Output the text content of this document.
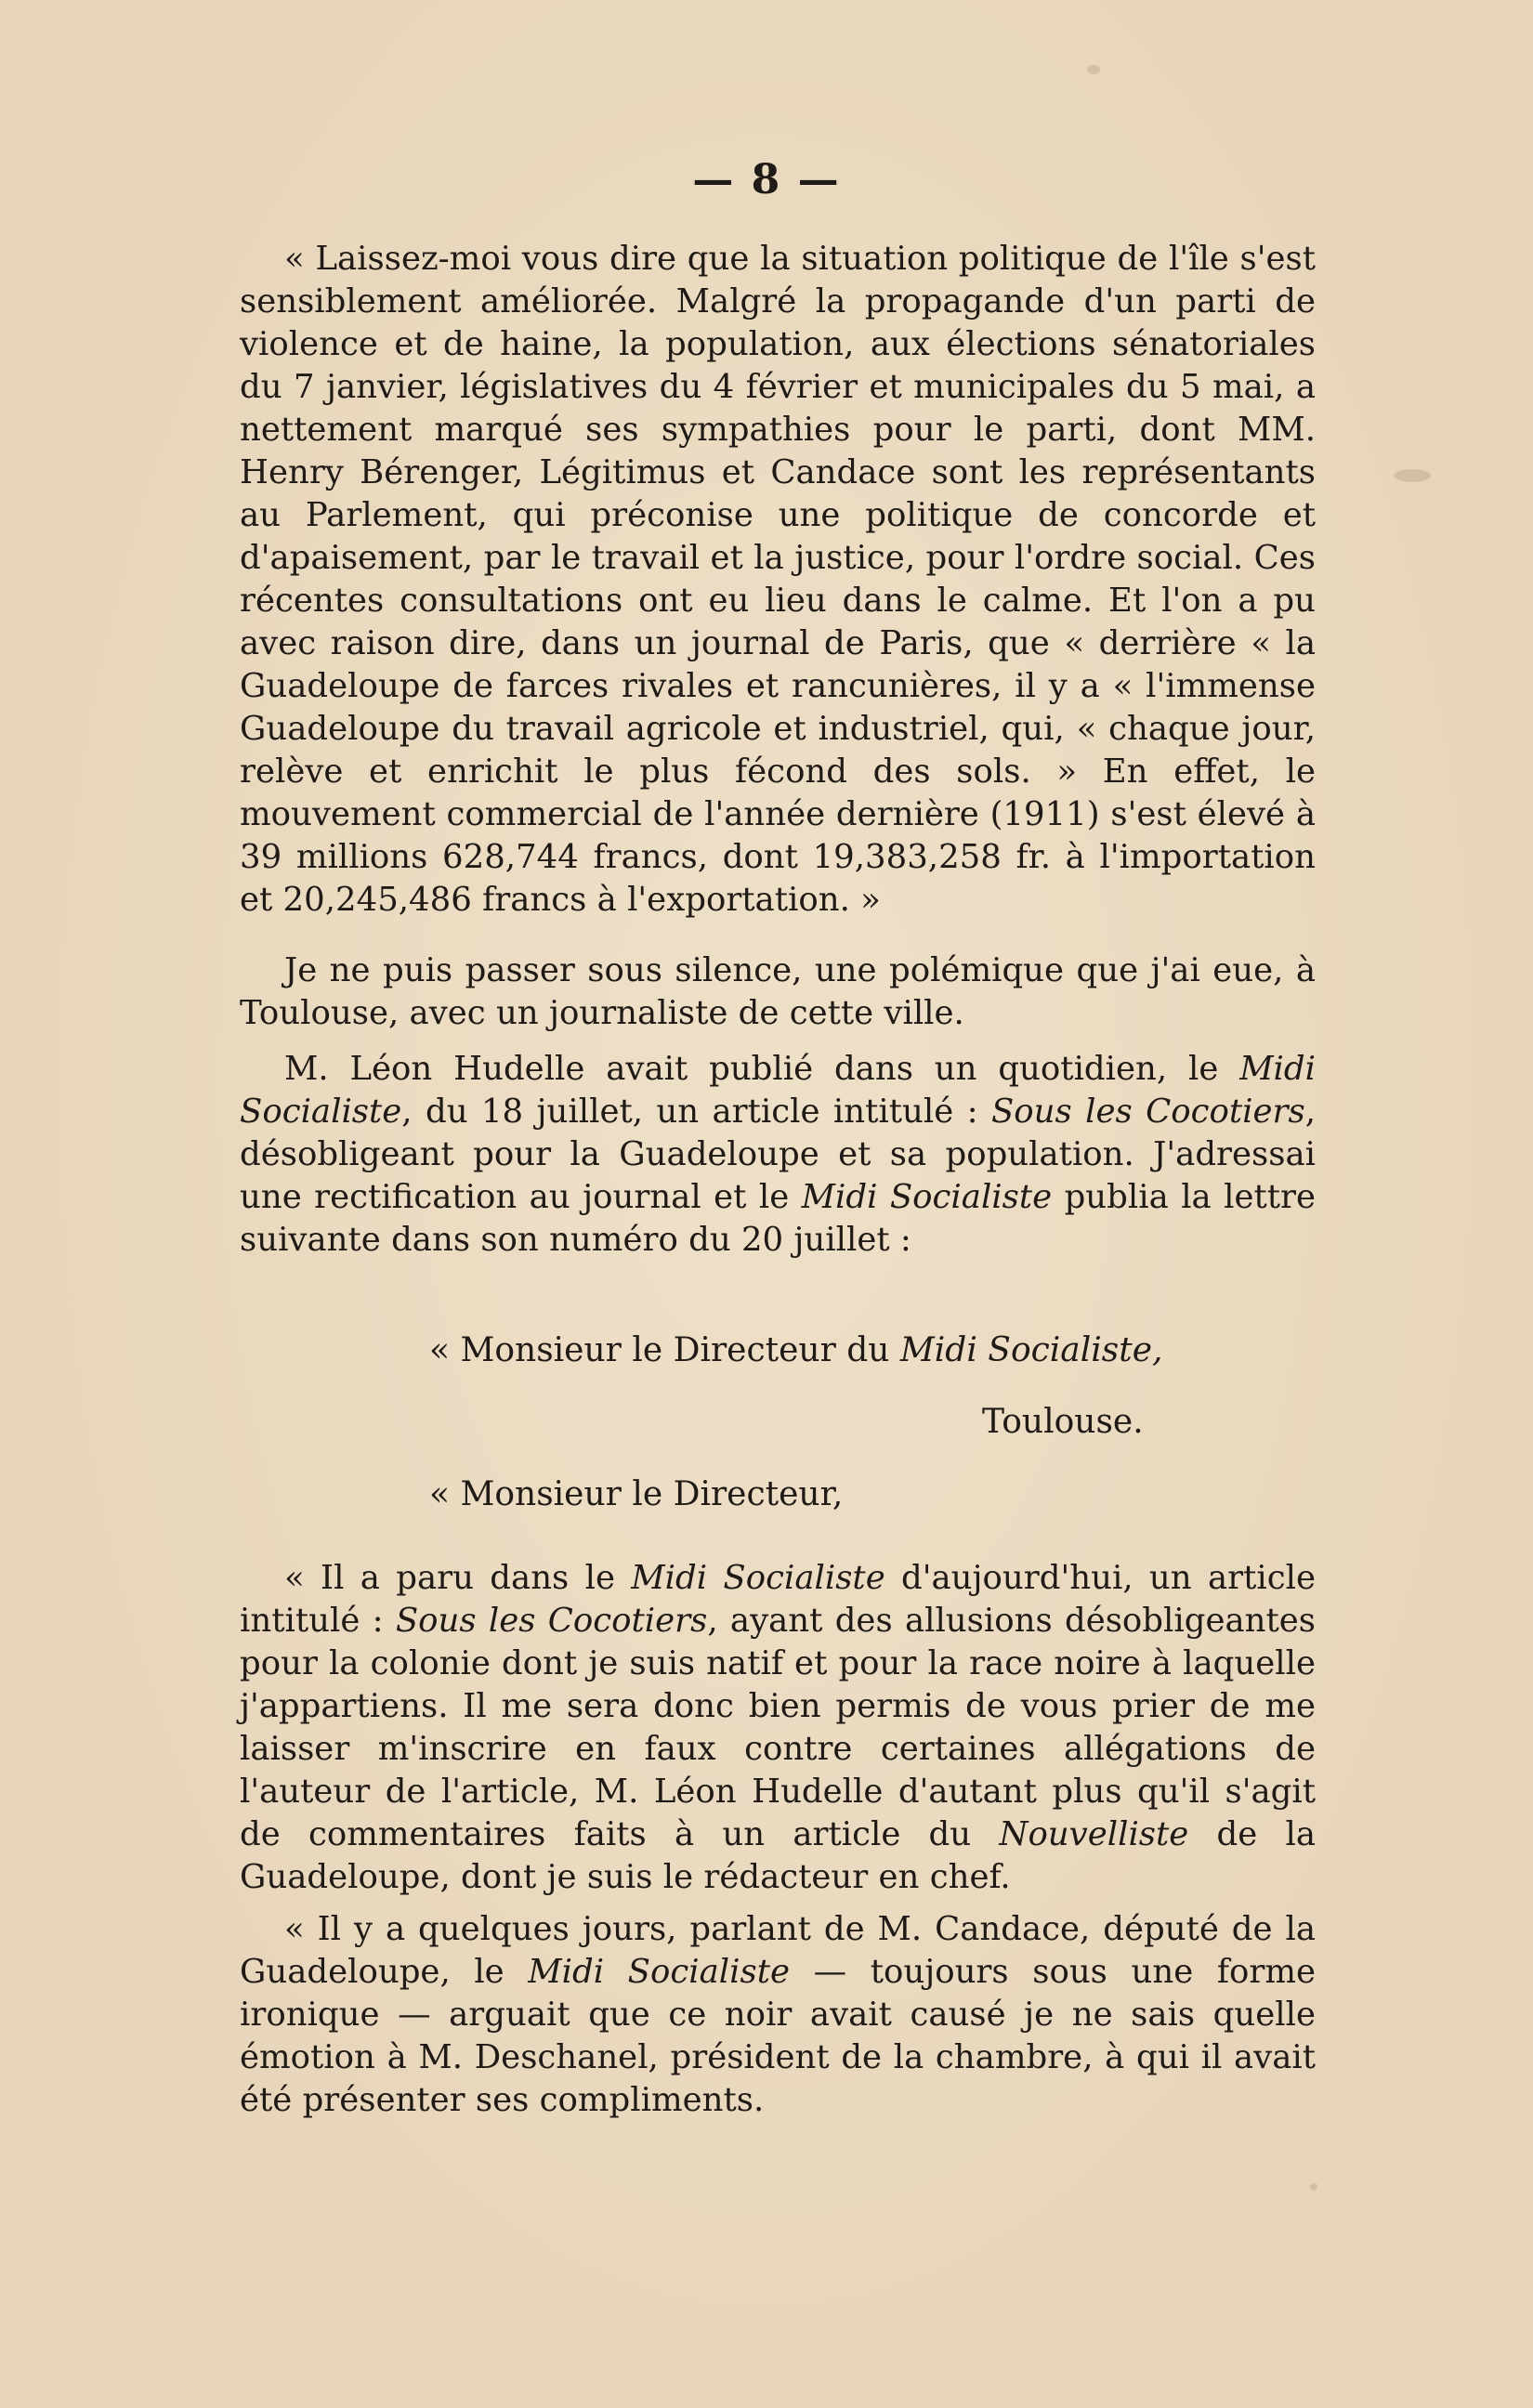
— 8 —

« Laissez-moi vous dire que la situation politique de l'île s'est sensiblement améliorée. Malgré la propagande d'un parti de violence et de haine, la population, aux élections sénatoriales du 7 janvier, législatives du 4 février et municipales du 5 mai, a nettement marqué ses sympathies pour le parti, dont MM. Henry Bérenger, Légitimus et Candace sont les représentants au Parlement, qui préconise une politique de concorde et d'apaisement, par le travail et la justice, pour l'ordre social. Ces récentes consultations ont eu lieu dans le calme. Et l'on a pu avec raison dire, dans un journal de Paris, que « derrière « la Guadeloupe de farces rivales et rancunières, il y a « l'immense Guadeloupe du travail agricole et industriel, qui, « chaque jour, relève et enrichit le plus fécond des sols. » En effet, le mouvement commercial de l'année dernière (1911) s'est élevé à 39 millions 628,744 francs, dont 19,383,258 fr. à l'importation et 20,245,486 francs à l'exportation. »

Je ne puis passer sous silence, une polémique que j'ai eue, à Toulouse, avec un journaliste de cette ville.

M. Léon Hudelle avait publié dans un quotidien, le Midi Socialiste, du 18 juillet, un article intitulé : Sous les Cocotiers, désobligeant pour la Guadeloupe et sa population. J'adressai une rectification au journal et le Midi Socialiste publia la lettre suivante dans son numéro du 20 juillet :

« Monsieur le Directeur du Midi Socialiste,
Toulouse.
« Monsieur le Directeur,

« Il a paru dans le Midi Socialiste d'aujourd'hui, un article intitulé : Sous les Cocotiers, ayant des allusions désobligeantes pour la colonie dont je suis natif et pour la race noire à laquelle j'appartiens. Il me sera donc bien permis de vous prier de me laisser m'inscrire en faux contre certaines allégations de l'auteur de l'article, M. Léon Hudelle d'autant plus qu'il s'agit de commentaires faits à un article du Nouvelliste de la Guadeloupe, dont je suis le rédacteur en chef.

« Il y a quelques jours, parlant de M. Candace, député de la Guadeloupe, le Midi Socialiste — toujours sous une forme ironique — arguait que ce noir avait causé je ne sais quelle émotion à M. Deschanel, président de la chambre, à qui il avait été présenter ses compliments.
